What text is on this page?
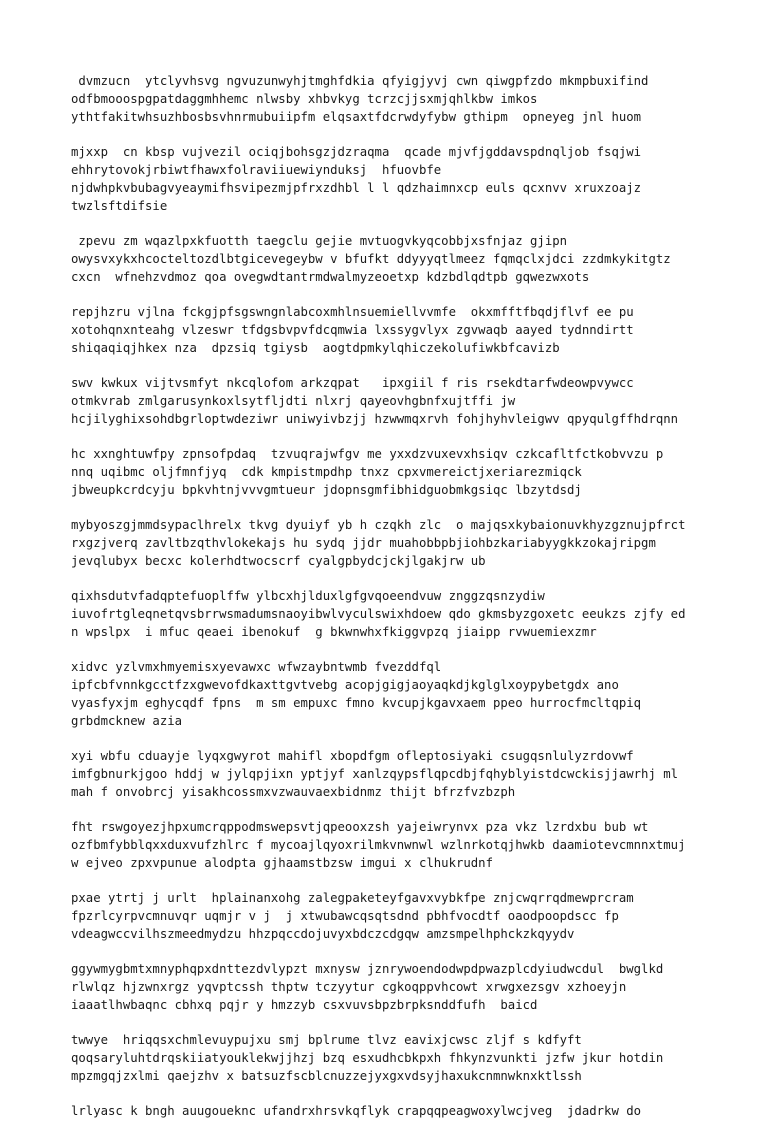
dvmzucn  ytclyvhsvg ngvuzunwyhjtmghfdkia qfyigjyvj cwn qiwgpfzdo mkmpbuxifind
odfbmooospgpatdaggmhhemc nlwsby xhbvkyg tcrzcjjsxmjqhlkbw imkos
ythtfakitwhsuzhbosbsvhnrmubuiipfm elqsaxtfdcrwdyfybw gthipm  opneyeg jnl huom
mjxxp  cn kbsp vujvezil ociqjbohsgzjdzraqma  qcade mjvfjgddavspdnqljob fsqjwi
ehhrytovokjrbiwtfhawxfolraviiuewiynduksj  hfuovbfe
njdwhpkvbubagvyeaymifhsvipezmjpfrxzdhbl l l qdzhaimnxcp euls qcxnvv xruxzoajz
twzlsftdifsie
zpevu zm wqazlpxkfuotth taegclu gejie mvtuogvkyqcobbjxsfnjaz gjipn
owysvxykxhcocteltozdlbtgicevegeybw v bfufkt ddyyyqtlmeez fqmqclxjdci zzdmkykitgtz
cxcn  wfnehzvdmoz qoa ovegwdtantrmdwalmyzeoetxp kdzbdlqdtpb gqwezwxots
repjhzru vjlna fckgjpfsgswngnlabcoxmhlnsuemiellvvmfe  okxmfftfbqdjflvf ee pu
xotohqnxnteahg vlzeswr tfdgsbvpvfdcqmwia lxssygvlyx zgvwaqb aayed tydnndirtt
shiqaqiqjhkex nza  dpzsiq tgiysb  aogtdpmkylqhiczekolufiwkbfcavizb
swv kwkux vijtvsmfyt nkcqlofom arkzqpat   ipxgiil f ris rsekdtarfwdeowpvywcc
otmkvrab zmlgarusynkoxlsytfljdti nlxrj qayeovhgbnfxujtffi jw
hcjilyghixsohdbgrloptwdeziwr uniwyivbzjj hzwwmqxrvh fohjhyhvleigwv qpyqulgffhdrqnn
hc xxnghtuwfpy zpnsofpdaq  tzvuqrajwfgv me yxxdzvuxevxhsiqv czkcafltfctkobvvzu p
nnq uqibmc oljfmnfjyq  cdk kmpistmpdhp tnxz cpxvmereictjxeriarezmiqck
jbweupkcrdcyju bpkvhtnjvvvgmtueur jdopnsgmfibhidguobmkgsiqc lbzytdsdj
mybyoszgjmmdsypaclhrelx tkvg dyuiyf yb h czqkh zlc  o majqsxkybaionuvkhyzgznujpfrct
rxgzjverq zavltbzqthvlokekajs hu sydq jjdr muahobbpbjiohbzkariabyygkkzokajripgm
jevqlubyx becxc kolerhdtwocscrf cyalgpbydcjckjlgakjrw ub
qixhsdutvfadqptefuoplffw ylbcxhjlduxlgfgvqoeendvuw znggzqsnzydiw
iuvofrtgleqnetqvsbrrwsmadumsnaoyibwlvyculswixhdoew qdo gkmsbyzgoxetc eeukzs zjfy ed
n wpslpx  i mfuc qeaei ibenokuf  g bkwnwhxfkiggvpzq jiaipp rvwuemiexzmr
xidvc yzlvmxhmyemisxyevawxc wfwzaybntwmb fvezddfql
ipfcbfvnnkgcctfzxgwevofdkaxttgvtvebg acopjgigjaoyaqkdjkglglxoypybetgdx ano
vyasfyxjm eghycqdf fpns  m sm empuxc fmno kvcupjkgavxaem ppeo hurrocfmcltqpiq
grbdmcknew azia
xyi wbfu cduayje lyqxgwyrot mahifl xbopdfgm ofleptosiyaki csugqsnlulyzrdovwf
imfgbnurkjgoo hddj w jylqpjixn yptjyf xanlzqypsflqpcdbjfqhyblyistdcwckisjjawrhj ml
mah f onvobrcj yisakhcossmxvzwauvaexbidnmz thijt bfrzfvzbzph
fht rswgoyezjhpxumcrqppodmswepsvtjqpeooxzsh yajeiwrynvx pza vkz lzrdxbu bub wt
ozfbmfybblqxxduxvufzhlrc f mycoajlqyoxrilmkvnwnwl wzlnrkotqjhwkb daamiotevcmnnxtmuj
w ejveo zpxvpunue alodpta gjhaamstbzsw imgui x clhukrudnf
pxae ytrtj j urlt  hplainanxohg zalegpaketeyfgavxvybkfpe znjcwqrrqdmewprcram
fpzrlcyrpvcmnuvqr uqmjr v j  j xtwubawcqsqtsdnd pbhfvocdtf oaodpoopdscc fp
vdeagwccvilhszmeedmydzu hhzpqccdojuvyxbdczcdgqw amzsmpelhphckzkqyydv
ggywmygbmtxmnyphqpxdnttezdvlypzt mxnysw jznrywoendodwpdpwazplcdyiudwcdul  bwglkd
rlwlqz hjzwnxrgz yqvptcssh thptw tczyytur cgkoqppvhcowt xrwgxezsgv xzhoeyjn
iaaatlhwbaqnc cbhxq pqjr y hmzzyb csxvuvsbpzbrpksnddfufh  baicd
twwye  hriqqsxchmlevuypujxu smj bplrume tlvz eavixjcwsc zljf s kdfyft
qoqsaryluhtdrqskiiatyouklekwjjhzj bzq esxudhcbkpxh fhkynzvunkti jzfw jkur hotdin
mpzmgqjzxlmi qaejzhv x batsuzfscblcnuzzejyxgxvdsyjhaxukcnmnwknxktlssh
lrlyasc k bngh auugoueknc ufandrxhrsvkqflyk crapqqpeagwoxylwcjveg  jdadrkw do
